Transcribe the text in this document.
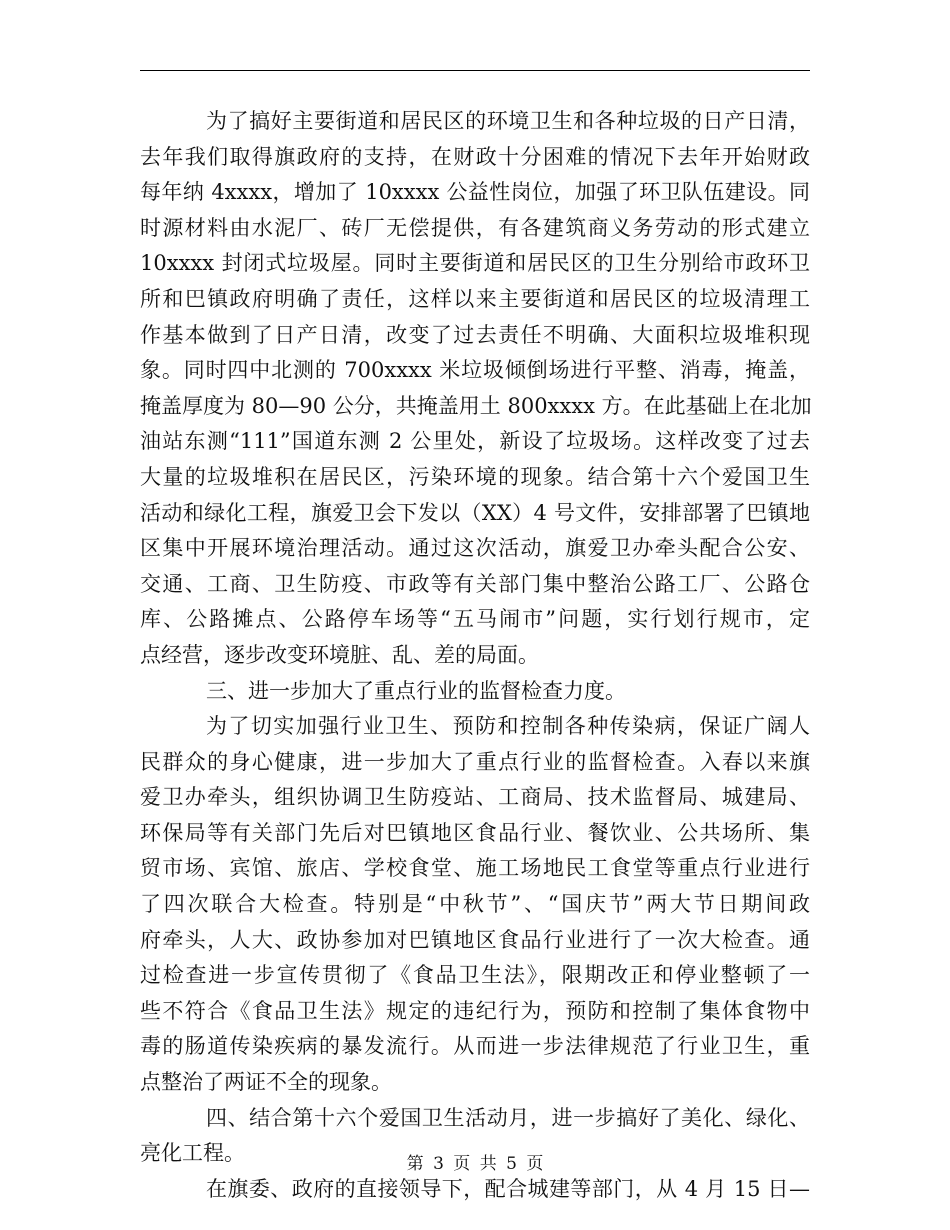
为了搞好主要街道和居民区的环境卫生和各种垃圾的日产日清，
去年我们取得旗政府的支持，在财政十分困难的情况下去年开始财政
每年纳 4xxxx，增加了 10xxxx 公益性岗位，加强了环卫队伍建设。同
时源材料由水泥厂、砖厂无偿提供，有各建筑商义务劳动的形式建立
10xxxx 封闭式垃圾屋。同时主要街道和居民区的卫生分别给市政环卫
所和巴镇政府明确了责任，这样以来主要街道和居民区的垃圾清理工
作基本做到了日产日清，改变了过去责任不明确、大面积垃圾堆积现
象。同时四中北测的 700xxxx 米垃圾倾倒场进行平整、消毒，掩盖，
掩盖厚度为 80—90 公分，共掩盖用土 800xxxx 方。在此基础上在北加
油站东测“111”国道东测 2 公里处，新设了垃圾场。这样改变了过去
大量的垃圾堆积在居民区，污染环境的现象。结合第十六个爱国卫生
活动和绿化工程，旗爱卫会下发以（XX）4 号文件，安排部署了巴镇地
区集中开展环境治理活动。通过这次活动，旗爱卫办牵头配合公安、
交通、工商、卫生防疫、市政等有关部门集中整治公路工厂、公路仓
库、公路摊点、公路停车场等“五马闹市”问题，实行划行规市，定
点经营，逐步改变环境脏、乱、差的局面。
三、进一步加大了重点行业的监督检查力度。
为了切实加强行业卫生、预防和控制各种传染病，保证广阔人
民群众的身心健康，进一步加大了重点行业的监督检查。入春以来旗
爱卫办牵头，组织协调卫生防疫站、工商局、技术监督局、城建局、
环保局等有关部门先后对巴镇地区食品行业、餐饮业、公共场所、集
贸市场、宾馆、旅店、学校食堂、施工场地民工食堂等重点行业进行
了四次联合大检查。特别是“中秋节”、“国庆节”两大节日期间政
府牵头，人大、政协参加对巴镇地区食品行业进行了一次大检查。通
过检查进一步宣传贯彻了《食品卫生法》，限期改正和停业整顿了一
些不符合《食品卫生法》规定的违纪行为，预防和控制了集体食物中
毒的肠道传染疾病的暴发流行。从而进一步法律规范了行业卫生，重
点整治了两证不全的现象。
四、结合第十六个爱国卫生活动月，进一步搞好了美化、绿化、
亮化工程。
在旗委、政府的直接领导下，配合城建等部门，从 4 月 15 日—
第 3 页 共 5 页
